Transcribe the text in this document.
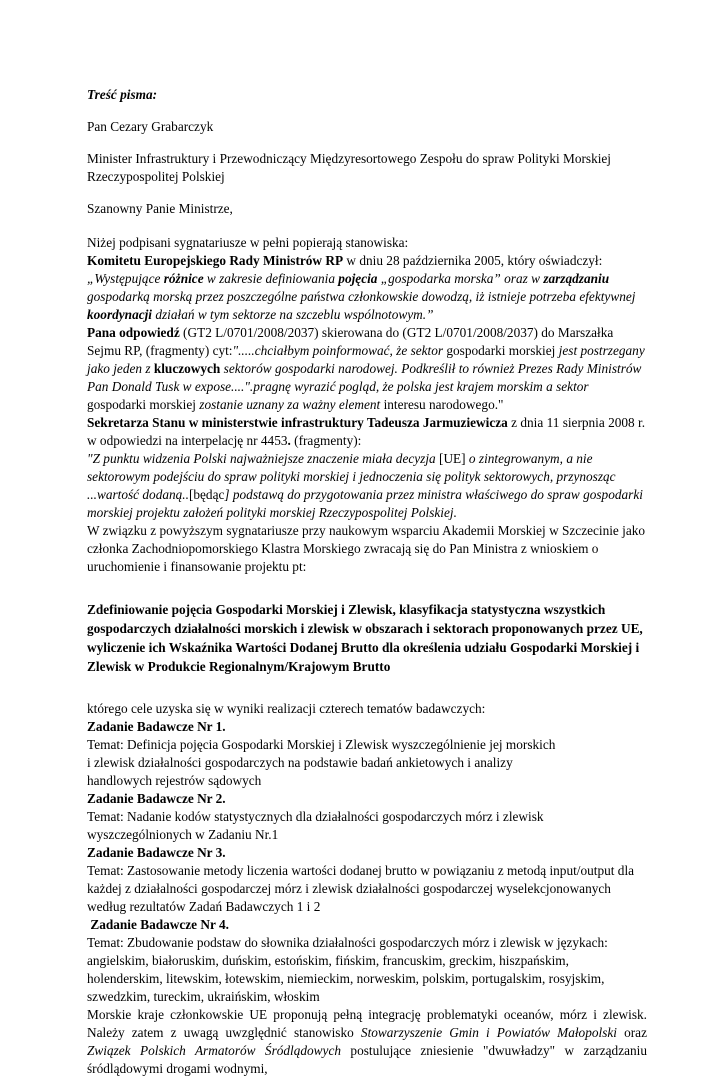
Treść pisma:

Pan Cezary Grabarczyk

Minister Infrastruktury i Przewodniczący Międzyresortowego Zespołu do spraw Polityki Morskiej Rzeczypospolitej Polskiej

Szanowny Panie Ministrze,

Niżej podpisani sygnatariusze w pełni popierają stanowiska:

Komitetu Europejskiego Rady Ministrów RP w dniu 28 października 2005, który oświadczył: „Występujące różnice w zakresie definiowania pojęcia „gospodarka morska” oraz w zarządzaniu gospodarką morską przez poszczególne państwa członkowskie dowodzą, iż istnieje potrzeba efektywnej koordynacji działań w tym sektorze na szczeblu wspólnotowym.”

Pana odpowiedź (GT2 L/0701/2008/2037) skierowana do (GT2 L/0701/2008/2037) do Marszałka Sejmu RP, (fragmenty) cyt:".....chciałbym poinformować, że sektor gospodarki morskiej jest postrzegany jako jeden z kluczowych sektorów gospodarki narodowej. Podkreślił to również Prezes Rady Ministrów Pan Donald Tusk w expose....".pragnę wyrazić pogląd, że polska jest krajem morskim a sektor gospodarki morskiej zostanie uznany za ważny element interesu narodowego."

Sekretarza Stanu w ministerstwie infrastruktury Tadeusza Jarmuziewicza z dnia 11 sierpnia 2008 r. w odpowiedzi na interpelację nr 4453. (fragmenty):

"Z punktu widzenia Polski najważniejsze znaczenie miała decyzja [UE] o zintegrowanym, a nie sektorowym podejściu do spraw polityki morskiej i jednoczenia się polityk sektorowych, przynosząc ...wartość dodaną..[będąc] podstawą do przygotowania przez ministra właściwego do spraw gospodarki morskiej projektu założeń polityki morskiej Rzeczypospolitej Polskiej.

W związku z powyższym sygnatariusze przy naukowym wsparciu Akademii Morskiej w Szczecinie jako członka Zachodniopomorskiego Klastra Morskiego zwracają się do Pan Ministra z wnioskiem o uruchomienie i finansowanie projektu pt:

Zdefiniowanie pojęcia Gospodarki Morskiej i Zlewisk, klasyfikacja statystyczna wszystkich gospodarczych działalności morskich i zlewisk w obszarach i sektorach proponowanych przez UE, wyliczenie ich Wskaźnika Wartości Dodanej Brutto dla określenia udziału Gospodarki Morskiej i Zlewisk w Produkcie Regionalnym/Krajowym Brutto

którego cele uzyska się w wyniki realizacji czterech tematów badawczych:

Zadanie Badawcze Nr 1.

Temat: Definicja pojęcia Gospodarki Morskiej i Zlewisk wyszczególnienie jej morskich
i zlewisk działalności gospodarczych na podstawie badań ankietowych i analizy
handlowych rejestrów sądowych

Zadanie Badawcze Nr 2.

Temat: Nadanie kodów statystycznych dla działalności gospodarczych mórz i zlewisk wyszczególnionych w Zadaniu Nr.1

Zadanie Badawcze Nr 3.

Temat: Zastosowanie metody liczenia wartości dodanej brutto w powiązaniu z metodą input/output dla każdej z działalności gospodarczej mórz i zlewisk działalności gospodarczej wyselekcjonowanych według rezultatów Zadań Badawczych 1 i 2

Zadanie Badawcze Nr 4.

Temat: Zbudowanie podstaw do słownika działalności gospodarczych mórz i zlewisk w językach: angielskim, białoruskim, duńskim, estońskim, fińskim, francuskim, greckim, hiszpańskim, holenderskim, litewskim, łotewskim, niemieckim, norweskim, polskim, portugalskim, rosyjskim, szwedzkim, tureckim, ukraińskim, włoskim

Morskie kraje członkowskie UE proponują pełną integrację problematyki oceanów, mórz i zlewisk. Należy zatem z uwagą uwzględnić stanowisko Stowarzyszenie Gmin i Powiatów Małopolski oraz Związek Polskich Armatorów Śródlądowych postulujące zniesienie "dwuwładzy" w zarządzaniu śródlądowymi drogami wodnymi,
